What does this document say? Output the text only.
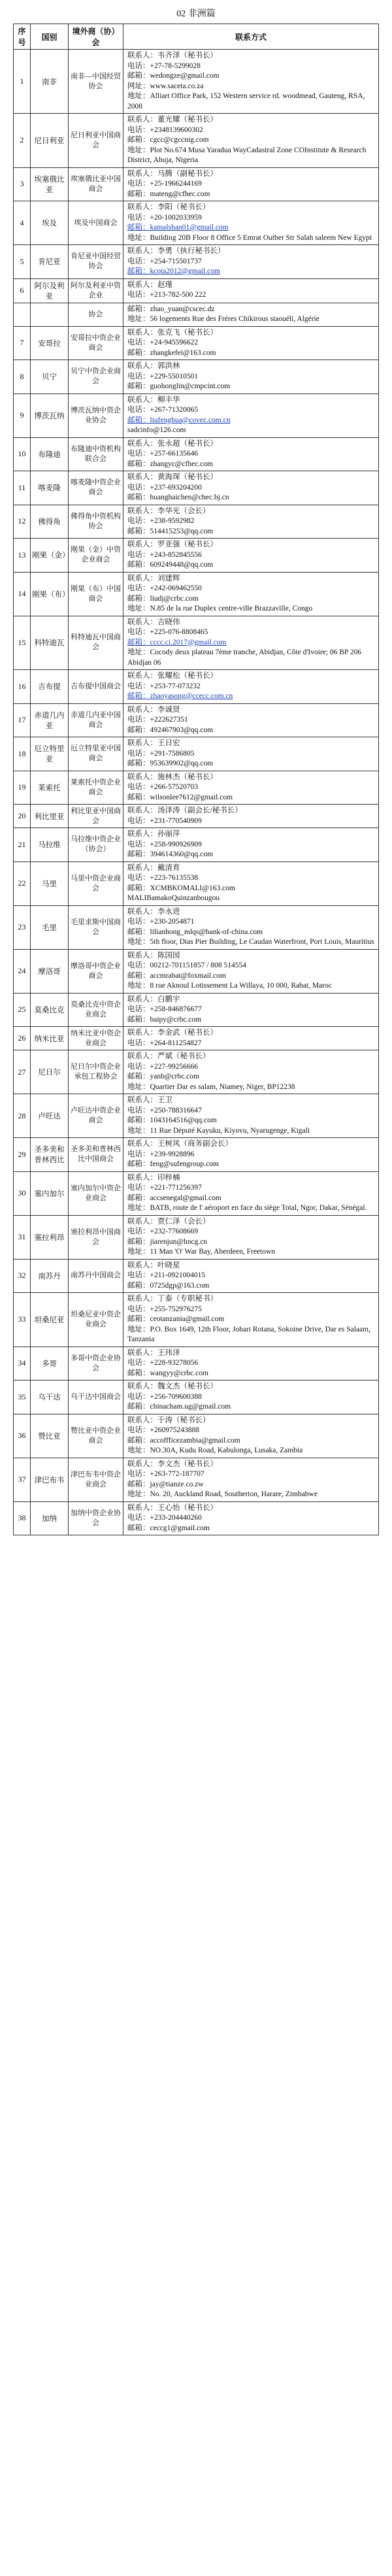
02 非洲篇
序号	国别	境外商（协）会	联系方式
1	南非	南非—中国经贸协会	联系人：韦齐泽（秘书长）
电话：+27-78-5299028
邮箱：wedongze@gmail.com
网址：www.saceta.co.za
地址：Alliart Office Park, 152 Western service rd. woodmead, Gauteng, RSA, 2008

2	尼日利亚	尼日利亚中国商会	联系人：董光耀（秘书长）
电话：+2348139600302
邮箱：cgcc@cgccnig.com
地址：Plot No.674 Musa Yaradua WayCadastral Zone COInstitute & Research District, Abuja, Nigeria

3	埃塞俄比亚	埃塞俄比亚中国商会	联系人：马腾（副秘书长）
电话：+25-1966244169
邮箱：mateng@cfhec.com

4	埃及	埃及中国商会	联系人：李阳（秘书长）
电话：+20-1002033959
邮箱：kamalshan01@gmail.com
地址：Building 20B Floor 8 Office 5 Emrat Outber Str Salah saleem New Egypt

5	肯尼亚	肯尼亚中国经贸协会	联系人：李勇（执行秘书长）
电话：+254-715501737
邮箱：kcota2012@gmail.com

6	阿尔及利亚	阿尔及利亚中资企业	联系人：赵瑾
电话：+213-782-500 222

		协会	邮箱：zhao_yuan@cscec.dz
地址：56 logements Rue des Frères Chikirous staouéli, Algérie

7	安哥拉	安哥拉中资企业商会	联系人：张克飞（秘书长）
电话：+24-945596622
邮箱：zhangkefei@163.com

8	贝宁	贝宁中资企业商会	联系人：郭洪林
电话：+229-55010501
邮箱：guohonglin@cmpcint.com

9	博茨瓦纳	博茨瓦纳中资企业协会	联系人：柳丰华
电话：+267-71320065
邮箱：liufenghua@covec.com.cn
sadcinfo@126.com

10	布隆迪	布隆迪中资机构联合会	联系人：张永超（秘书长）
电话：+257-66135646
邮箱：zhangyc@cfhec.com

11	喀麦隆	喀麦隆中资企业商会	联系人：黄海琛（秘书长）
电话：+237-693204200
邮箱：huanghaichen@chec.bj.cn

12	佛得角	佛得角中资机构协会	联系人：李华光（会长）
电话：+238-9592982
邮箱：514415253@qq.com

13	刚果（金）	刚果（金）中资企业商会	联系人：罗亚强（秘书长）
电话：+243-852845556
邮箱：609249448@qq.com

14	刚果（布）	刚果（布）中国商会	联系人：刘建辉
电话：+242-069462550
邮箱：liudj@crbc.com
地址：N.85 de la rue Duplex centre-ville Brazzaville, Congo

15	科特迪瓦	科特迪瓦中国商会	联系人：吉晓伟
电话：+225-076-8808465
邮箱：cccc.ci.2017@gmail.com
地址：Cocody deux plateau 7ème tranche, Abidjan, Côte d'Ivoire; 06 BP 206 Abidjan 06

16	吉布提	吉布提中国商会	联系人：张耀松（秘书长）
电话：+253-77-073232
邮箱：zhaoyasong@ccecc.com.cn

17	赤道几内亚	赤道几内亚中国商会	联系人：李诚贤
电话：+222627351
邮箱：492467903@qq.com

18	厄立特里亚	厄立特里亚中国商会	联系人：王日宏
电话：+291-7586805
邮箱：953639902@qq.com

19	莱索托	莱索托中资企业商会	联系人：施林杰（秘书长）
电话：+266-57520703
邮箱：wilsonlee7612@gmail.com

20	利比里亚	利比里亚中国商会	联系人：汤泽涛（副会长/秘书长）
电话：+231-770540909

21	马拉维	马拉维中资企业（协会）	联系人：孙丽萍
电话：+258-990926909
邮箱：394614360@qq.com

22	马里	马里中资企业商会	联系人：戴清育
电话：+223-76135538
邮箱：XCMBKOMALI@163.com
MALIBamakoQuinzanbougou

23	毛里	毛里求斯中国商会	联系人：李永进
电话：+230-2054871
邮箱：lilianhong_mlqs@bank-of-china.com
地址：5th floor, Dias Pier Building, Le Caudan Waterfront, Port Louis, Mauritius

24	摩洛哥	摩洛哥中资企业商会	联系人：陈国园
电话：00212-701151857 / 808 514554
邮箱：accmrabat@foxmail.com
地址：8 rue Aknoul Lotissement La Willaya, 10 000, Rabat, Maroc

25	莫桑比克	莫桑比克中资企业商会	联系人：白鹏宇
电话：+258-846876677
邮箱：baipy@crbc.com

26	纳米比亚	纳米比亚中资企业商会	联系人：李金武（秘书长）
电话：+264-811254827

27	尼日尔	尼日尔中资企业承包工程协会	联系人：严斌（秘书长）
电话：+227-99256666
邮箱：yanb@crbc.com
地址：Quartier Dar es salam, Niamey, Niger, BP12238

28	卢旺达	卢旺达中资企业商会	联系人：王卫
电话：+250-788316647
邮箱：1043164516@qq.com
地址：11 Rue Député Kayuku, Kiyovu, Nyarugenge, Kigali

29	圣多美和普林西比	圣多美和普林西比中国商会	联系人：王树风（商务副会长）
电话：+239-9928896
邮箱：feng@sufengroup.com

30	塞内加尔	塞内加尔中资企业商会	联系人：印梓楠
电话：+221-771256397
邮箱：accsenegal@gmail.com
地址：BATB, route de l' aéroport en face du siège Total, Ngor, Dakar, Sénégal.

31	塞拉利昂	塞拉利昂中国商会	联系人：贾仁泽（会长）
电话：+232-77608669
邮箱：jiarenjun@hncg.cn
地址：11 Man 'O' War Bay, Aberdeen, Freetown

32	南苏丹	南苏丹中国商会	联系人：叶晓星
电话：+211-0921004015
邮箱：0725dgp@163.com

33	坦桑尼亚	坦桑尼亚中资企业商会	联系人：丁泰（专职秘书）
电话：+255-752976275
邮箱：ceotanzania@gmail.com
地址：P.O. Box 1649, 12th Floor, Johari Rotana, Sokoine Drive, Dar es Salaam, Tanzania

34	多哥	多哥中资企业协会	联系人：王玮泽
电话：+228-93278056
邮箱：wangyy@crbc.com

35	乌干达	乌干达中国商会	联系人：魏文杰（秘书长）
电话：+256-709600388
邮箱：chinacham.ug@gmail.com

36	赞比亚	赞比亚中资企业商会	联系人：于涛（秘书长）
电话：+260975243888
邮箱：accoffficezambia@gmail.com
地址：NO.30A, Kudu Road, Kabulonga, Lusaka, Zambia

37	津巴布韦	津巴布韦中资企业商会	联系人：李文杰（秘书长）
电话：+263-772-187707
邮箱：jay@tianze.co.zw
地址：No. 20, Auckland Road, Southerton, Harare, Zimbabwe

38	加纳	加纳中资企业协会	联系人：王心怡（秘书长）
电话：+233-204440260
邮箱：ceccg1@gmail.com
